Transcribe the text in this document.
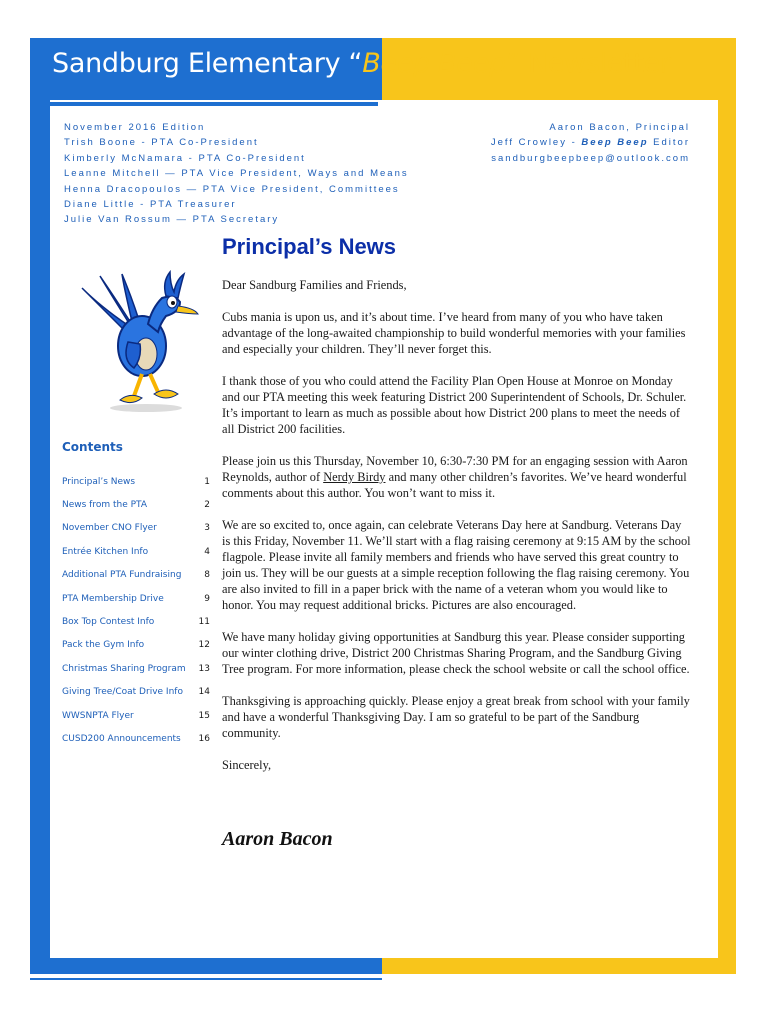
Sandburg Elementary “Beep Beep” Newsletter
November 2016 Edition
Trish Boone - PTA Co-President
Kimberly McNamara - PTA Co-President
Leanne Mitchell — PTA Vice President, Ways and Means
Henna Dracopoulos — PTA Vice President, Committees
Diane Little - PTA Treasurer
Julie Van Rossum — PTA Secretary
Aaron Bacon, Principal
Jeff Crowley - Beep Beep Editor
sandburgbeepbeep@outlook.com
Principal’s News
Contents
Principal’s News	1
News from the PTA	2
November CNO Flyer	3
Entrée Kitchen Info	4
Additional PTA Fundraising	8
PTA Membership Drive	9
Box Top Contest Info	11
Pack the Gym Info	12
Christmas Sharing Program 13
Giving Tree/Coat Drive Info 14
WWSNPTA Flyer	15
CUSD200 Announcements 16

Dear Sandburg Families and Friends,

Cubs mania is upon us, and it’s about time. I’ve heard from many of you who have taken advantage of the long-awaited championship to build wonderful memories with your families and especially your children. They’ll never forget this.

I thank those of you who could attend the Facility Plan Open House at Monroe on Monday and our PTA meeting this week featuring District 200 Superintendent of Schools, Dr. Schuler. It’s important to learn as much as possible about how District 200 plans to meet the needs of all District 200 facilities.

Please join us this Thursday, November 10, 6:30-7:30 PM for an engaging session with Aaron Reynolds, author of Nerdy Birdy and many other children’s favorites. We’ve heard wonderful comments about this author. You won’t want to miss it.

We are so excited to, once again, can celebrate Veterans Day here at Sandburg. Veterans Day is this Friday, November 11. We’ll start with a flag raising ceremony at 9:15 AM by the school flagpole. Please invite all family members and friends who have served this great country to join us. They will be our guests at a simple reception following the flag raising ceremony. You are also invited to fill in a paper brick with the name of a veteran whom you would like to honor. You may request additional bricks. Pictures are also encouraged.

We have many holiday giving opportunities at Sandburg this year. Please consider supporting our winter clothing drive, District 200 Christmas Sharing Program, and the Sandburg Giving Tree program. For more information, please check the school website or call the school office.

Thanksgiving is approaching quickly. Please enjoy a great break from school with your family and have a wonderful Thanksgiving Day. I am so grateful to be part of the Sandburg community.

Sincerely,

Aaron Bacon
